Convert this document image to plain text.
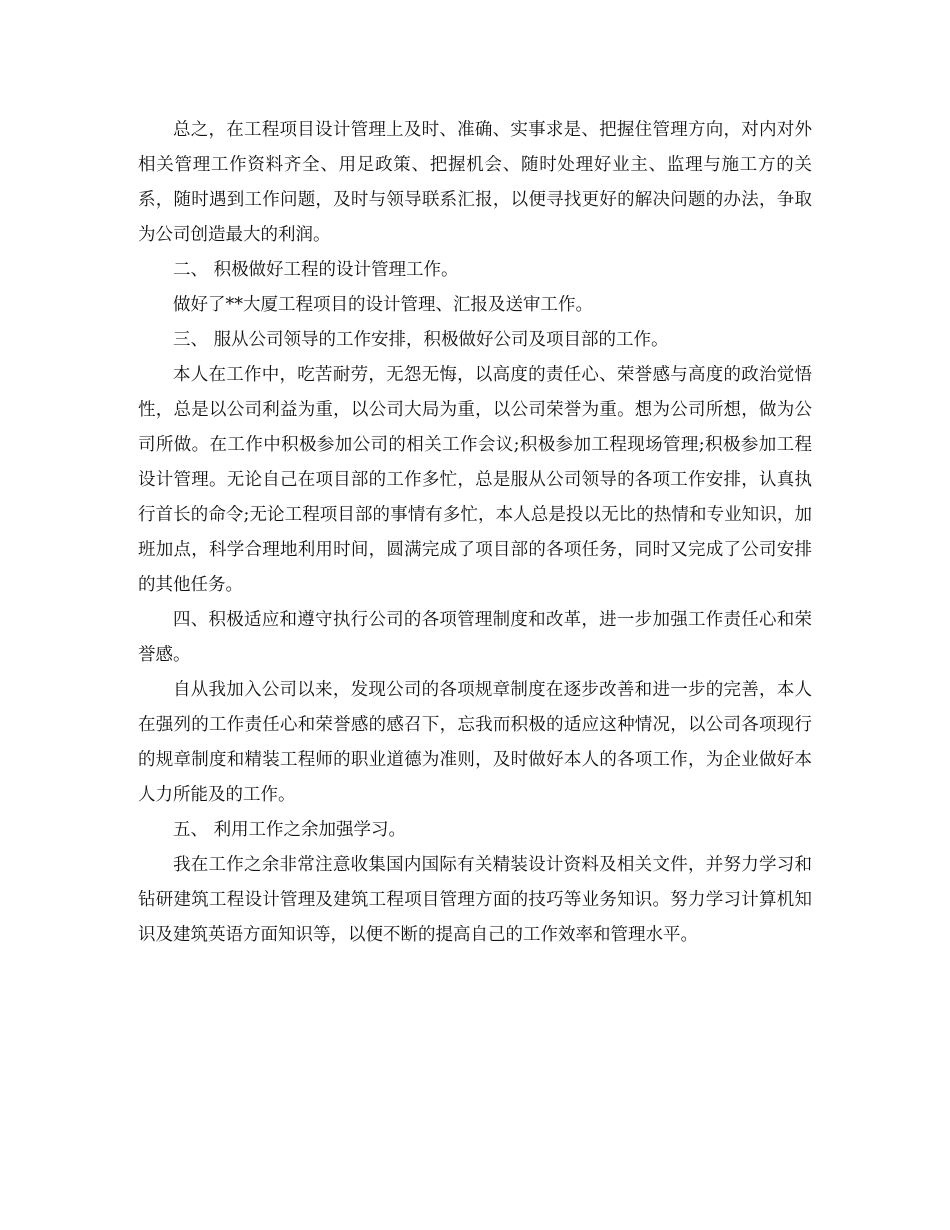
总之，在工程项目设计管理上及时、准确、实事求是、把握住管理方向，对内对外相关管理工作资料齐全、用足政策、把握机会、随时处理好业主、监理与施工方的关系，随时遇到工作问题，及时与领导联系汇报，以便寻找更好的解决问题的办法，争取为公司创造最大的利润。

二、 积极做好工程的设计管理工作。

做好了**大厦工程项目的设计管理、汇报及送审工作。

三、 服从公司领导的工作安排，积极做好公司及项目部的工作。

本人在工作中，吃苦耐劳，无怨无悔，以高度的责任心、荣誉感与高度的政治觉悟性，总是以公司利益为重，以公司大局为重，以公司荣誉为重。想为公司所想，做为公司所做。在工作中积极参加公司的相关工作会议;积极参加工程现场管理;积极参加工程设计管理。无论自己在项目部的工作多忙，总是服从公司领导的各项工作安排，认真执行首长的命令;无论工程项目部的事情有多忙，本人总是投以无比的热情和专业知识，加班加点，科学合理地利用时间，圆满完成了项目部的各项任务，同时又完成了公司安排的其他任务。

四、积极适应和遵守执行公司的各项管理制度和改革，进一步加强工作责任心和荣誉感。

自从我加入公司以来，发现公司的各项规章制度在逐步改善和进一步的完善，本人在强列的工作责任心和荣誉感的感召下，忘我而积极的适应这种情况，以公司各项现行的规章制度和精装工程师的职业道德为准则，及时做好本人的各项工作，为企业做好本人力所能及的工作。

五、 利用工作之余加强学习。

我在工作之余非常注意收集国内国际有关精装设计资料及相关文件，并努力学习和钻研建筑工程设计管理及建筑工程项目管理方面的技巧等业务知识。努力学习计算机知识及建筑英语方面知识等，以便不断的提高自己的工作效率和管理水平。
